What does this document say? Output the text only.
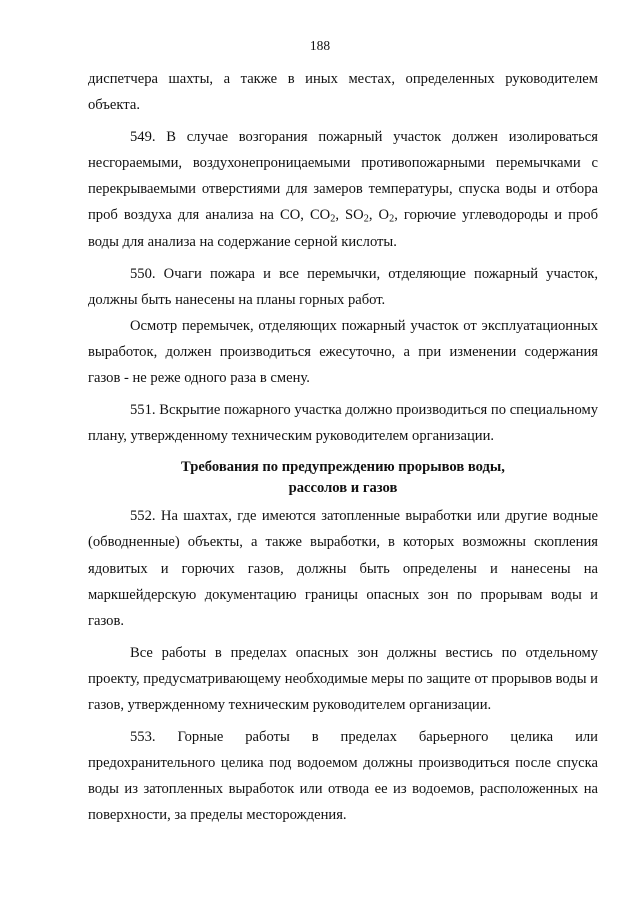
188

диспетчера шахты, а также в иных местах, определенных руководителем объекта.

549. В случае возгорания пожарный участок должен изолироваться несгораемыми, воздухонепроницаемыми противопожарными перемычками с перекрываемыми отверстиями для замеров температуры, спуска воды и отбора проб воздуха для анализа на CO, $CO_2$, $SO_2$, $O_2$, горючие углеводороды и проб воды для анализа на содержание серной кислоты.

550. Очаги пожара и все перемычки, отделяющие пожарный участок, должны быть нанесены на планы горных работ.

Осмотр перемычек, отделяющих пожарный участок от эксплуатационных выработок, должен производиться ежесуточно, а при изменении содержания газов - не реже одного раза в смену.

551. Вскрытие пожарного участка должно производиться по специальному плану, утвержденному техническим руководителем организации.

Требования по предупреждению прорывов воды,
рассолов и газов

552. На шахтах, где имеются затопленные выработки или другие водные (обводненные) объекты, а также выработки, в которых возможны скопления ядовитых и горючих газов, должны быть определены и нанесены на маркшейдерскую документацию границы опасных зон по прорывам воды и газов.

Все работы в пределах опасных зон должны вестись по отдельному проекту, предусматривающему необходимые меры по защите от прорывов воды и газов, утвержденному техническим руководителем организации.

553. Горные работы в пределах барьерного целика или предохранительного целика под водоемом должны производиться после спуска воды из затопленных выработок или отвода ее из водоемов, расположенных на поверхности, за пределы месторождения.
